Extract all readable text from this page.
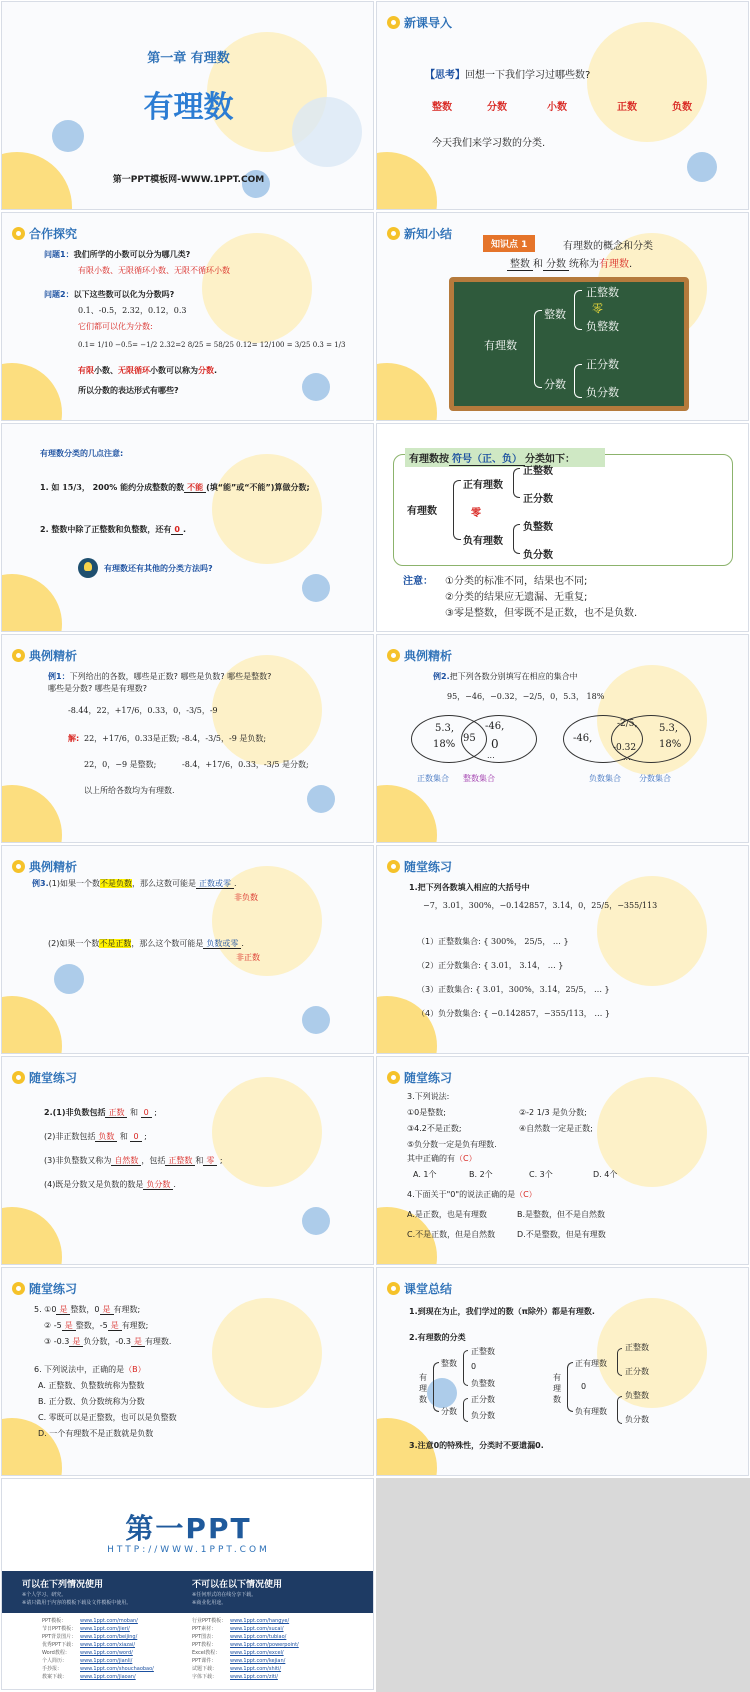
第一章 有理数
有理数
第一PPT模板网-WWW.1PPT.COM
新课导入
【思考】回想一下我们学习过哪些数?
整数	分数	小数	正数	负数
今天我们来学习数的分类.
合作探究
问题1：我们所学的小数可以分为哪几类?
有限小数、无限循环小数、无限不循环小数
问题2：以下这些数可以化为分数吗?
0.1、-0.5，2.32，0.12，0.3
它们都可以化为分数:
0.1= 1/10 −0.5= −1/2 2.32=2 8/25 = 58/25 0.12= 12/100 = 3/25 0.3 = 1/3
有限小数、无限循环小数可以称为分数.
所以分数的表达形式有哪些?
新知小结
知识点 1	有理数的概念和分类
整数 和 分数 统称为有理数.
有理数
整数
分数
正整数
零
负整数
正分数
负分数
有理数分类的几点注意:
1. 如 15/3， 200% 能约分成整数的数 不能 (填“能”或“不能”)算做分数;
2. 整数中除了正整数和负整数，还有 0 .
有理数还有其他的分类方法吗?
有理数按 符号（正、负） 分类如下：
有理数
正有理数
零
负有理数
正整数
正分数
负整数
负分数
注意： ①分类的标准不同，结果也不同;
②分类的结果应无遗漏、无重复;
③零是整数，但零既不是正数，也不是负数.
典例精析
例1：下列给出的各数，哪些是正数? 哪些是负数? 哪些是整数?
哪些是分数? 哪些是有理数?
-8.44，22，+17/6，0.33，0，-3/5，-9
解: 22，+17/6，0.33是正数; -8.4，-3/5，-9 是负数;
22，0，−9 是整数;	-8.4，+17/6，0.33，-3/5 是分数;
以上所给各数均为有理数.
典例精析
例2.把下列各数分别填写在相应的集合中
95，−46，−0.32，−2/5，0，5.3， 18%
5.3,
18%
95
-46,
0
...
正数集合 整数集合
-46,
-2/5,
-0.32
5.3,
18%
...
负数集合 分数集合
典例精析
例3.(1)如果一个数不是负数，那么这数可能是 正数或零 .
非负数
(2)如果一个数不是正数，那么这个数可能是 负数或零 .
非正数
随堂练习
1.把下列各数填入相应的大括号中
−7，3.01，300%，−0.142857，3.14，0，25/5，−355/113
（1）正整数集合: { 300%， 25/5， … }
（2）正分数集合: { 3.01， 3.14， … }
（3）正数集合: { 3.01，300%，3.14，25/5， … }
（4）负分数集合: { −0.142857，−355/113， … }
随堂练习
2.(1)非负数包括 正数 和 0 ;
(2)非正数包括 负数 和 0 ;
(3)非负整数又称为 自然数 ，包括 正整数 和 零 ;
(4)既是分数又是负数的数是 负分数 .
随堂练习
3.下列说法:
①0是整数;	②-2 1/3 是负分数;
③4.2不是正数;	④自然数一定是正数;
⑤负分数一定是负有理数.
其中正确的有（C）
A. 1个	B. 2个	C. 3个	D. 4个
4.下面关于"0"的说法正确的是（C）
A.是正数，也是有理数	B.是整数，但不是自然数
C.不是正数，但是自然数	D.不是整数，但是有理数
随堂练习
5. ①0 是 整数，0 是 有理数;
② -5 是 整数，-5 是 有理数;
③ -0.3 是 负分数，-0.3 是 有理数.
6. 下列说法中，正确的是（B）
A. 正整数、负整数统称为整数
B. 正分数、负分数统称为分数
C. 零既可以是正整数，也可以是负整数
D. 一个有理数不是正数就是负数
课堂总结
1.到现在为止，我们学过的数（π除外）都是有理数.
2.有理数的分类
有理数
整数
分数
正整数
0
负整数
正分数
负分数
有理数
正有理数
0
负有理数
正整数
正分数
负整数
负分数
3.注意0的特殊性，分类时不要遗漏0.
第一PPT
HTTP://WWW.1PPT.COM
可以在下列情况使用
※个人学习、研究。
※请只做用于内容的模板下载及文件模板中使用。
不可以在以下情况使用
※任何形式的在线分享下载。
※商业化用途。
PPT模板：	www.1ppt.com/moban/
节日PPT模板： www.1ppt.com/jieri/
PPT背景图片： www.1ppt.com/beijing/
优秀PPT下载： www.1ppt.com/xiazai/
Word教程： www.1ppt.com/word/
个人简历：	www.1ppt.com/jianli/
手抄报：	www.1ppt.com/shouchaobao/
教案下载：	www.1ppt.com/jiaoan/
行业PPT模板： www.1ppt.com/hangye/
PPT素材：	www.1ppt.com/sucai/
PPT图表：	www.1ppt.com/tubiao/
PPT教程：	www.1ppt.com/powerpoint/
Excel教程： www.1ppt.com/excel/
PPT课件：	www.1ppt.com/kejian/
试题下载：	www.1ppt.com/shiti/
字体下载：	www.1ppt.com/ziti/
